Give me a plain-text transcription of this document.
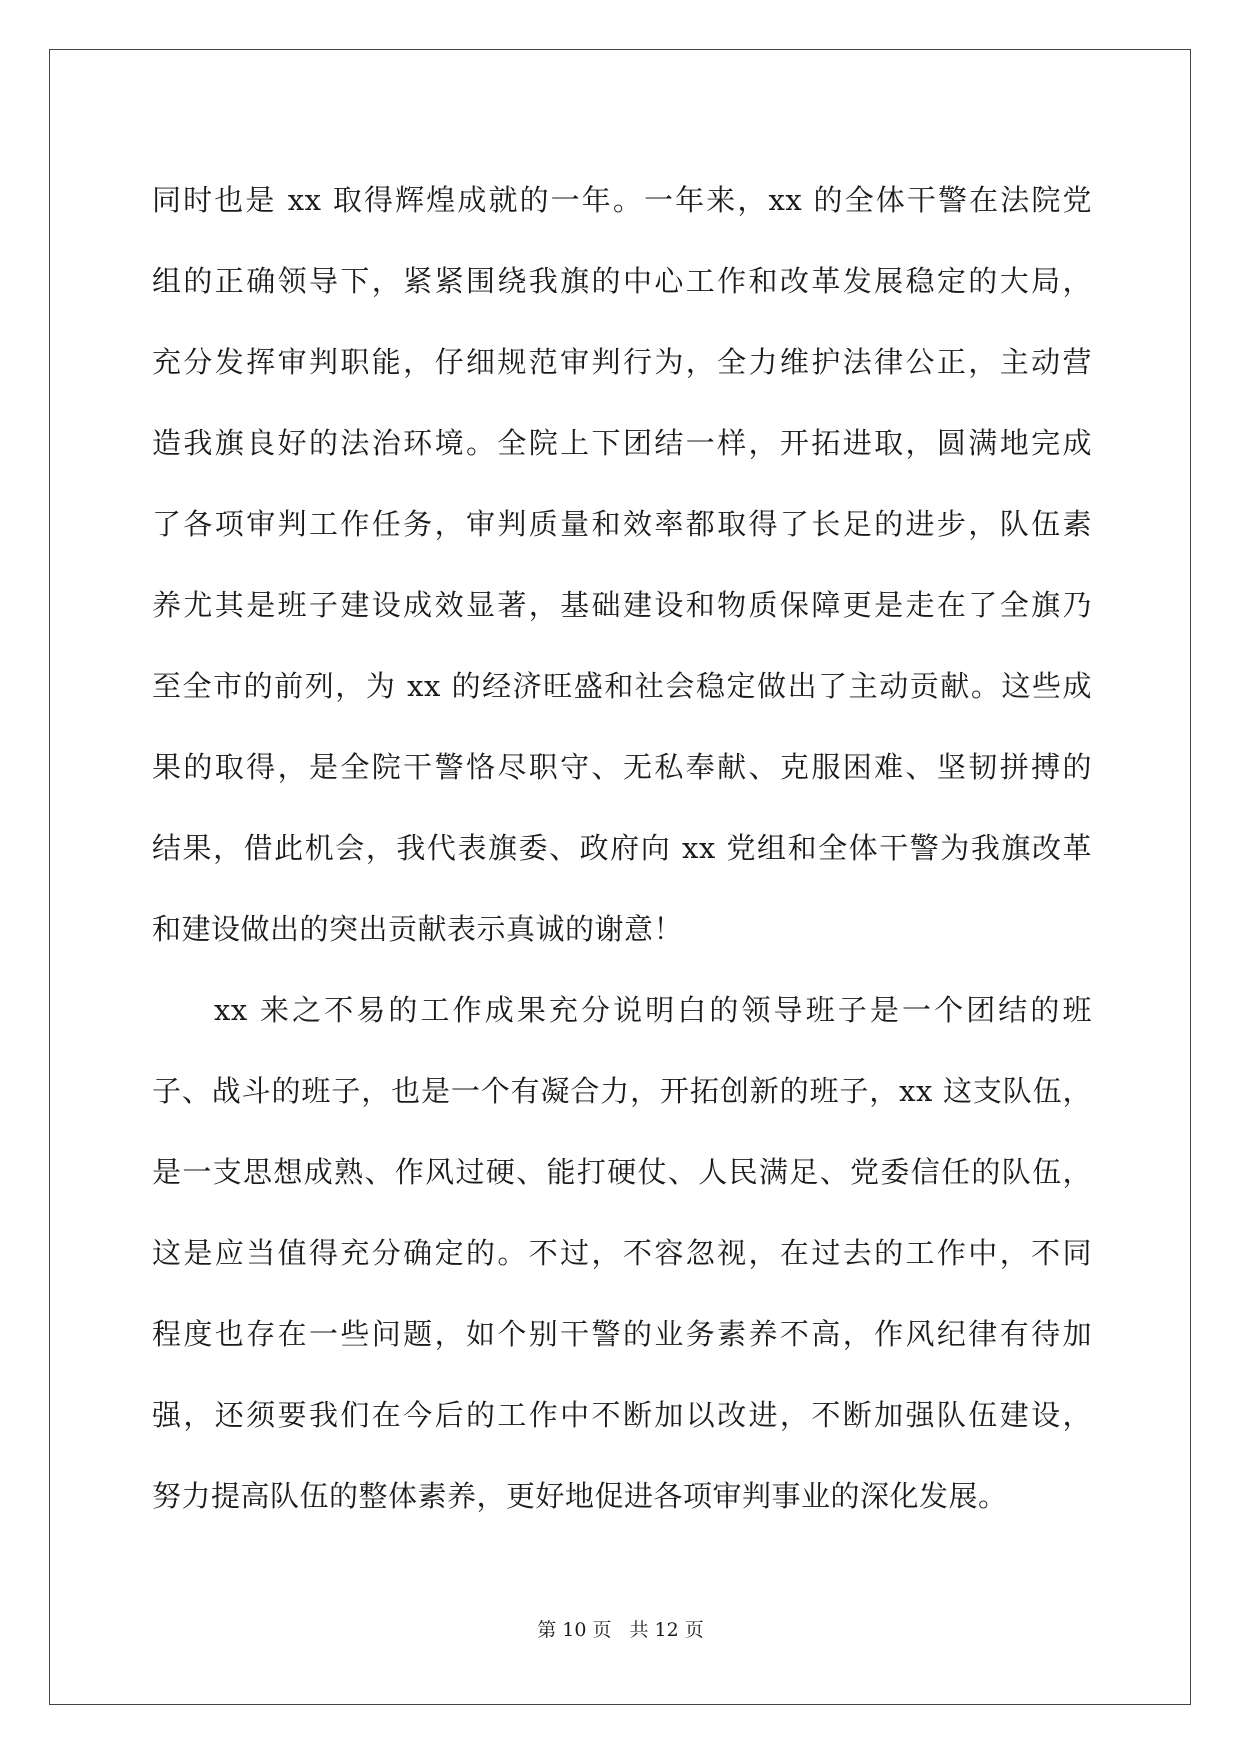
同时也是 xx 取得辉煌成就的一年。一年来，xx 的全体干警在法院党
组的正确领导下，紧紧围绕我旗的中心工作和改革发展稳定的大局，
充分发挥审判职能，仔细规范审判行为，全力维护法律公正，主动营
造我旗良好的法治环境。全院上下团结一样，开拓进取，圆满地完成
了各项审判工作任务，审判质量和效率都取得了长足的进步，队伍素
养尤其是班子建设成效显著，基础建设和物质保障更是走在了全旗乃
至全市的前列，为 xx 的经济旺盛和社会稳定做出了主动贡献。这些成
果的取得，是全院干警恪尽职守、无私奉献、克服困难、坚韧拼搏的
结果，借此机会，我代表旗委、政府向 xx 党组和全体干警为我旗改革
和建设做出的突出贡献表示真诚的谢意！
xx 来之不易的工作成果充分说明白的领导班子是一个团结的班
子、战斗的班子，也是一个有凝合力，开拓创新的班子，xx 这支队伍，
是一支思想成熟、作风过硬、能打硬仗、人民满足、党委信任的队伍，
这是应当值得充分确定的。不过，不容忽视，在过去的工作中，不同
程度也存在一些问题，如个别干警的业务素养不高，作风纪律有待加
强，还须要我们在今后的工作中不断加以改进，不断加强队伍建设，
努力提高队伍的整体素养，更好地促进各项审判事业的深化发展。
第 10 页 共 12 页
